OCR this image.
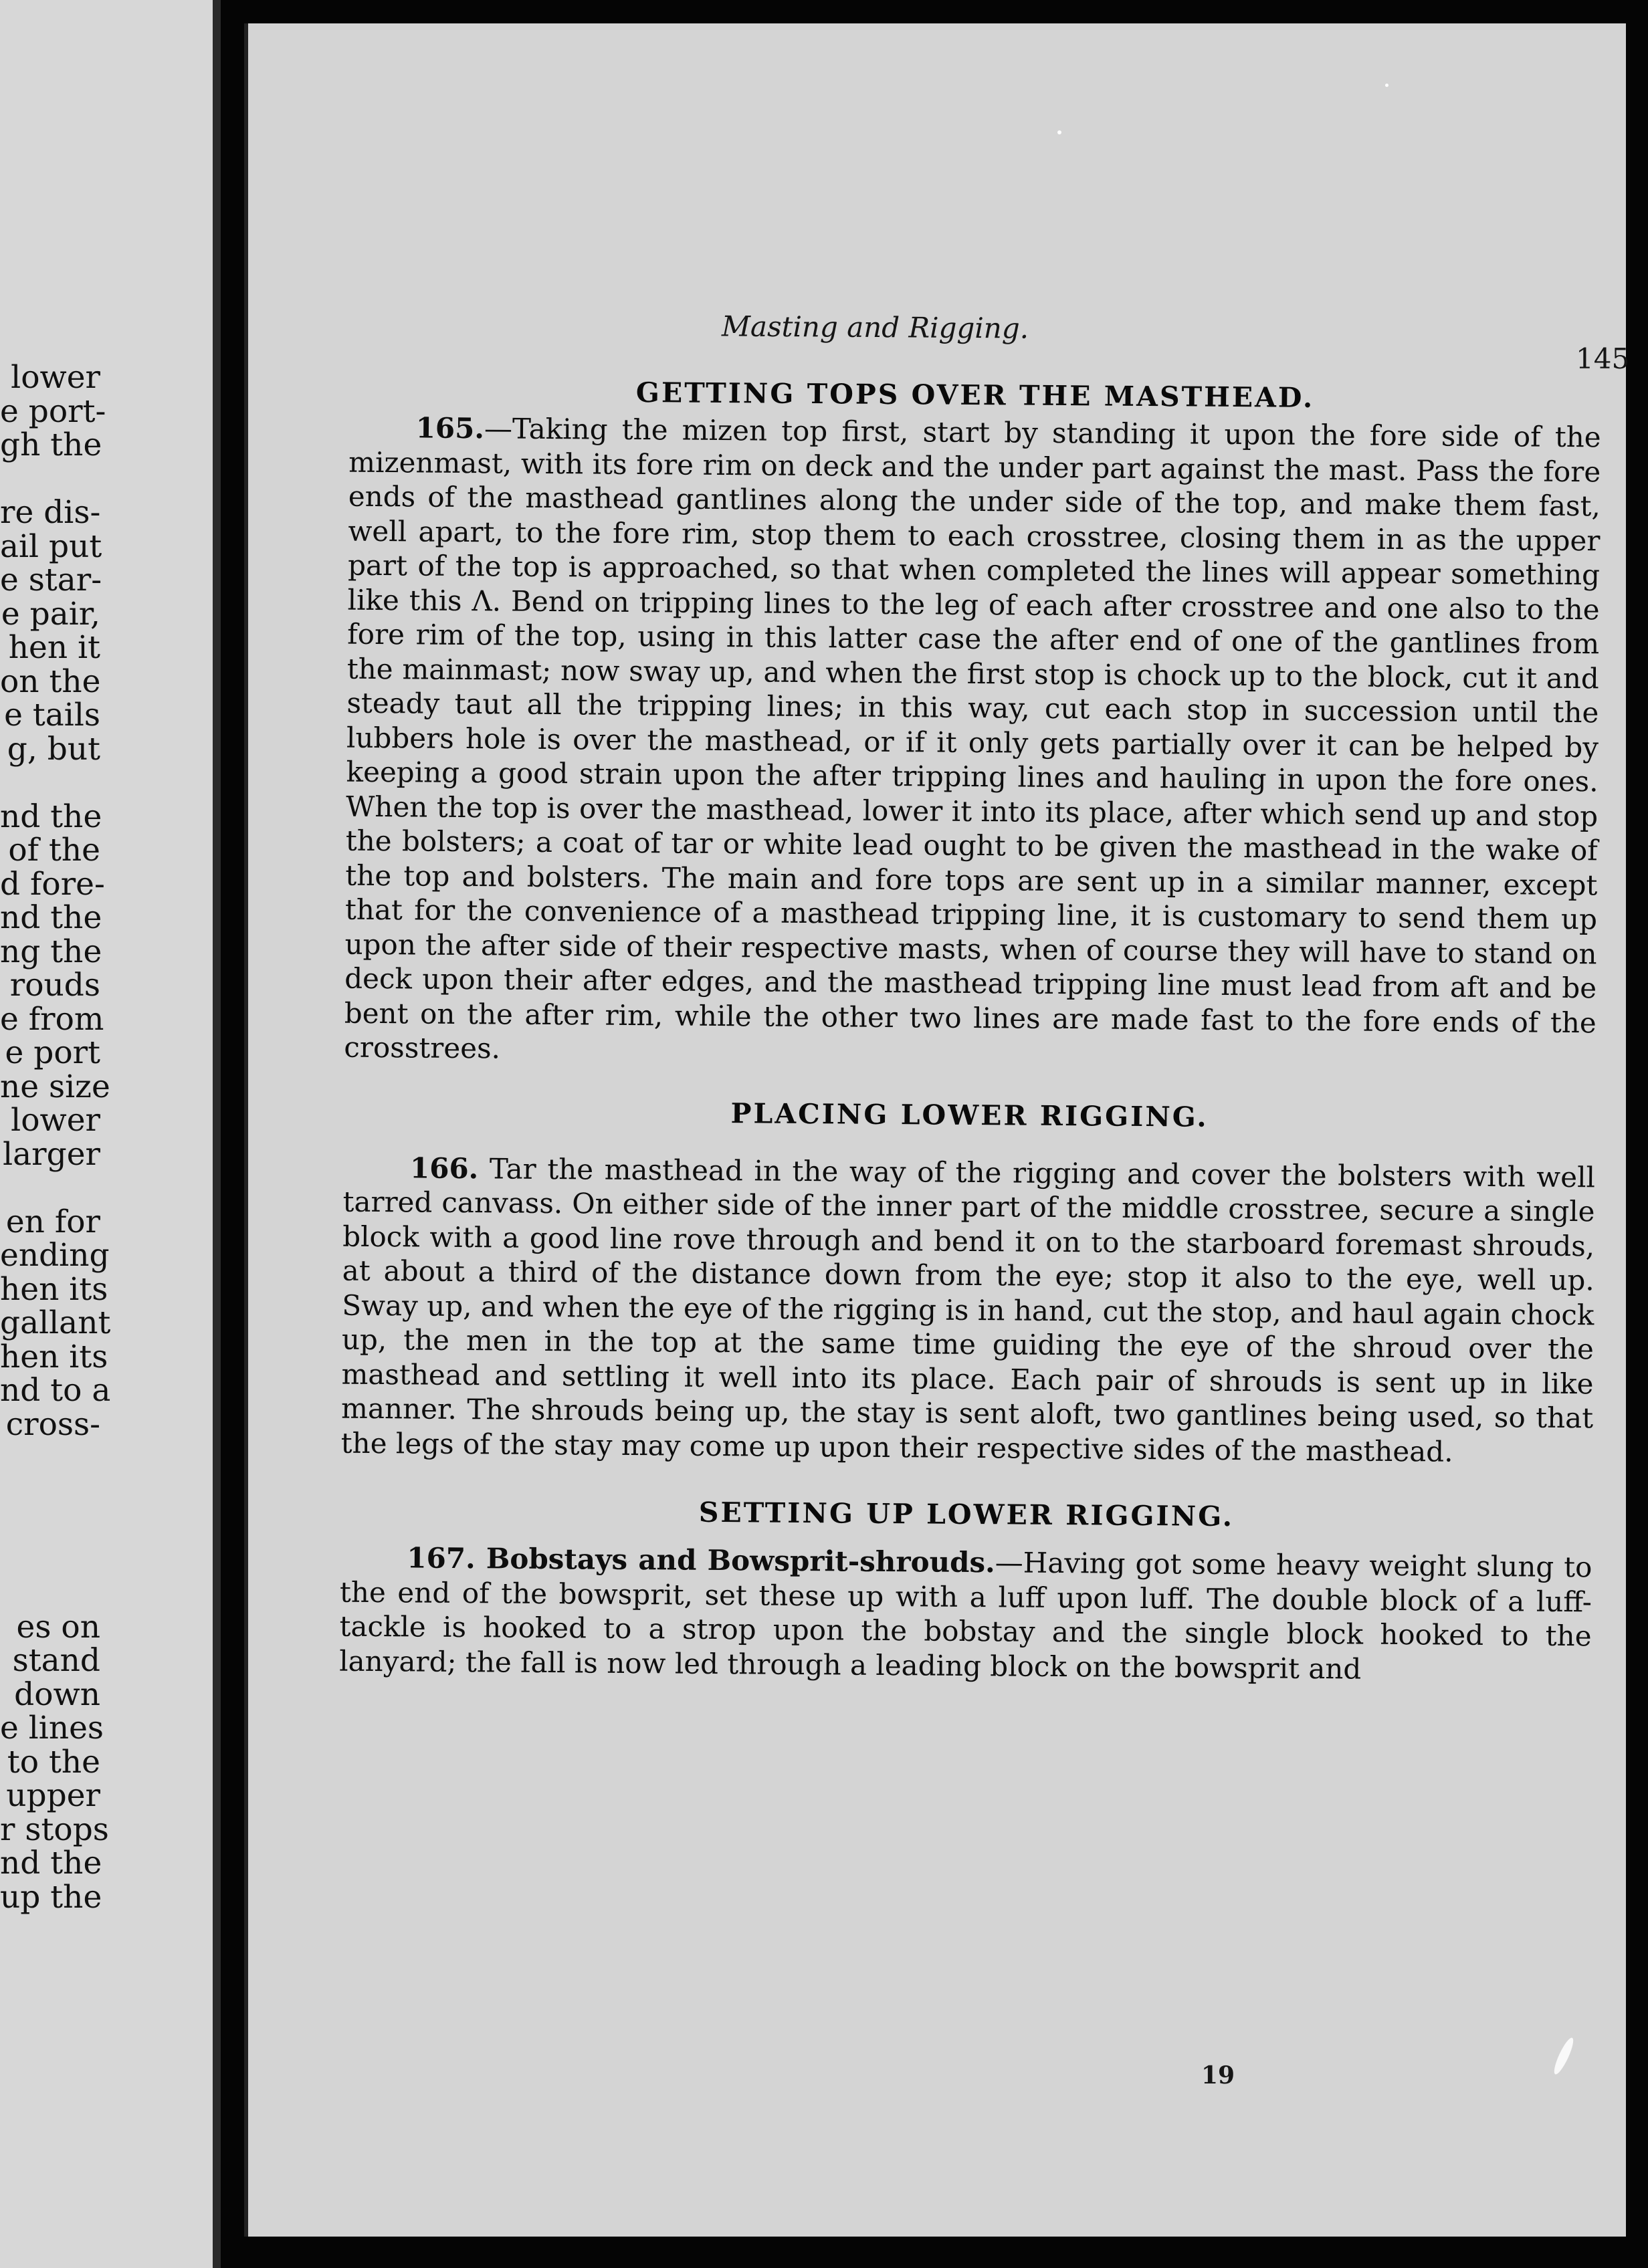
lower
e port-
gh the
re dis-
ail put
e star-
e pair,
hen it
on the
e tails
g, but
nd the
of the
d fore-
nd the
ng the
rouds
e from
e port
ne size
lower
larger
en for
ending
hen its
gallant
hen its
nd to a
cross-
es on
stand
down
e lines
to the
upper
r stops
nd the
up the
Masting and Rigging.
145
GETTING TOPS OVER THE MASTHEAD.

165.—Taking the mizen top first, start by standing it upon the fore side of the mizenmast, with its fore rim on deck and the under part against the mast. Pass the fore ends of the masthead gantlines along the under side of the top, and make them fast, well apart, to the fore rim, stop them to each crosstree, closing them in as the upper part of the top is approached, so that when completed the lines will appear something like this Λ. Bend on tripping lines to the leg of each after crosstree and one also to the fore rim of the top, using in this latter case the after end of one of the gantlines from the mainmast; now sway up, and when the first stop is chock up to the block, cut it and steady taut all the tripping lines; in this way, cut each stop in succession until the lubbers hole is over the masthead, or if it only gets partially over it can be helped by keeping a good strain upon the after tripping lines and hauling in upon the fore ones. When the top is over the masthead, lower it into its place, after which send up and stop the bolsters; a coat of tar or white lead ought to be given the masthead in the wake of the top and bolsters. The main and fore tops are sent up in a similar manner, except that for the convenience of a masthead tripping line, it is customary to send them up upon the after side of their respective masts, when of course they will have to stand on deck upon their after edges, and the masthead tripping line must lead from aft and be bent on the after rim, while the other two lines are made fast to the fore ends of the crosstrees.

PLACING LOWER RIGGING.

166. Tar the masthead in the way of the rigging and cover the bolsters with well tarred canvass. On either side of the inner part of the middle crosstree, secure a single block with a good line rove through and bend it on to the starboard foremast shrouds, at about a third of the distance down from the eye; stop it also to the eye, well up. Sway up, and when the eye of the rigging is in hand, cut the stop, and haul again chock up, the men in the top at the same time guiding the eye of the shroud over the masthead and settling it well into its place. Each pair of shrouds is sent up in like manner. The shrouds being up, the stay is sent aloft, two gantlines being used, so that the legs of the stay may come up upon their respective sides of the masthead.

SETTING UP LOWER RIGGING.

167. Bobstays and Bowsprit-shrouds.—Having got some heavy weight slung to the end of the bowsprit, set these up with a luff upon luff. The double block of a luff-tackle is hooked to a strop upon the bobstay and the single block hooked to the lanyard; the fall is now led through a leading block on the bowsprit and

19
